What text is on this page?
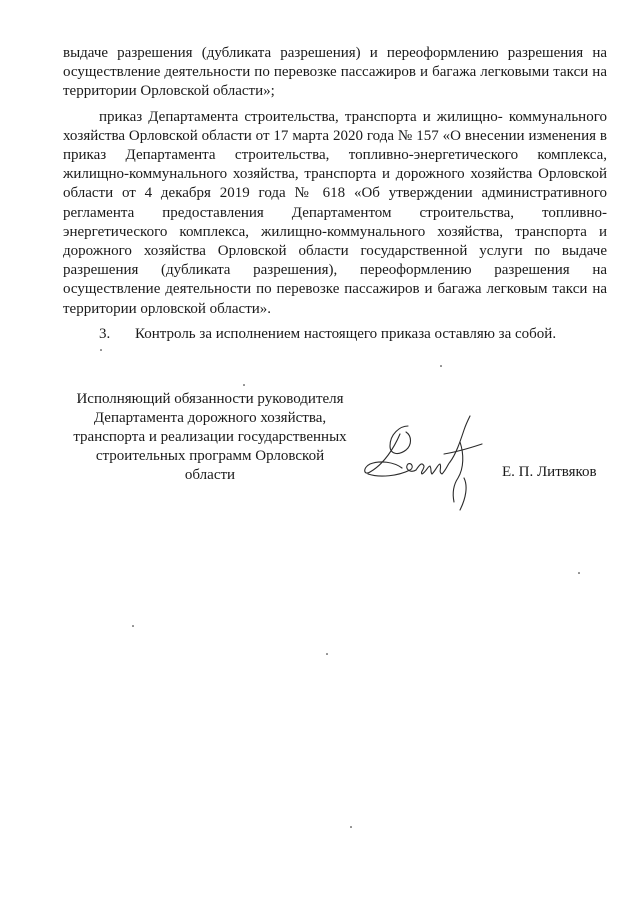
выдаче разрешения (дубликата разрешения) и переоформлению разрешения на осуществление деятельности по перевозке пассажиров и багажа легковыми такси на территории Орловской области»;

приказ Департамента строительства, транспорта и жилищно- коммунального хозяйства Орловской области от 17 марта 2020 года № 157 «О внесении изменения в приказ Департамента строительства, топливно-энергетического комплекса, жилищно-коммунального хозяйства, транспорта и дорожного хозяйства Орловской области от 4 декабря 2019 года № 618 «Об утверждении административного регламента предоставления Департаментом строительства, топливно-энергетического комплекса, жилищно-коммунального хозяйства, транспорта и дорожного хозяйства Орловской области государственной услуги по выдаче разрешения (дубликата разрешения), переоформлению разрешения на осуществление деятельности по перевозке пассажиров и багажа легковым такси на территории орловской области».

3. Контроль за исполнением настоящего приказа оставляю за собой.

Исполняющий обязанности руководителя
Департамента дорожного хозяйства,
транспорта и реализации государственных
строительных программ Орловской
области	Е. П. Литвяков
